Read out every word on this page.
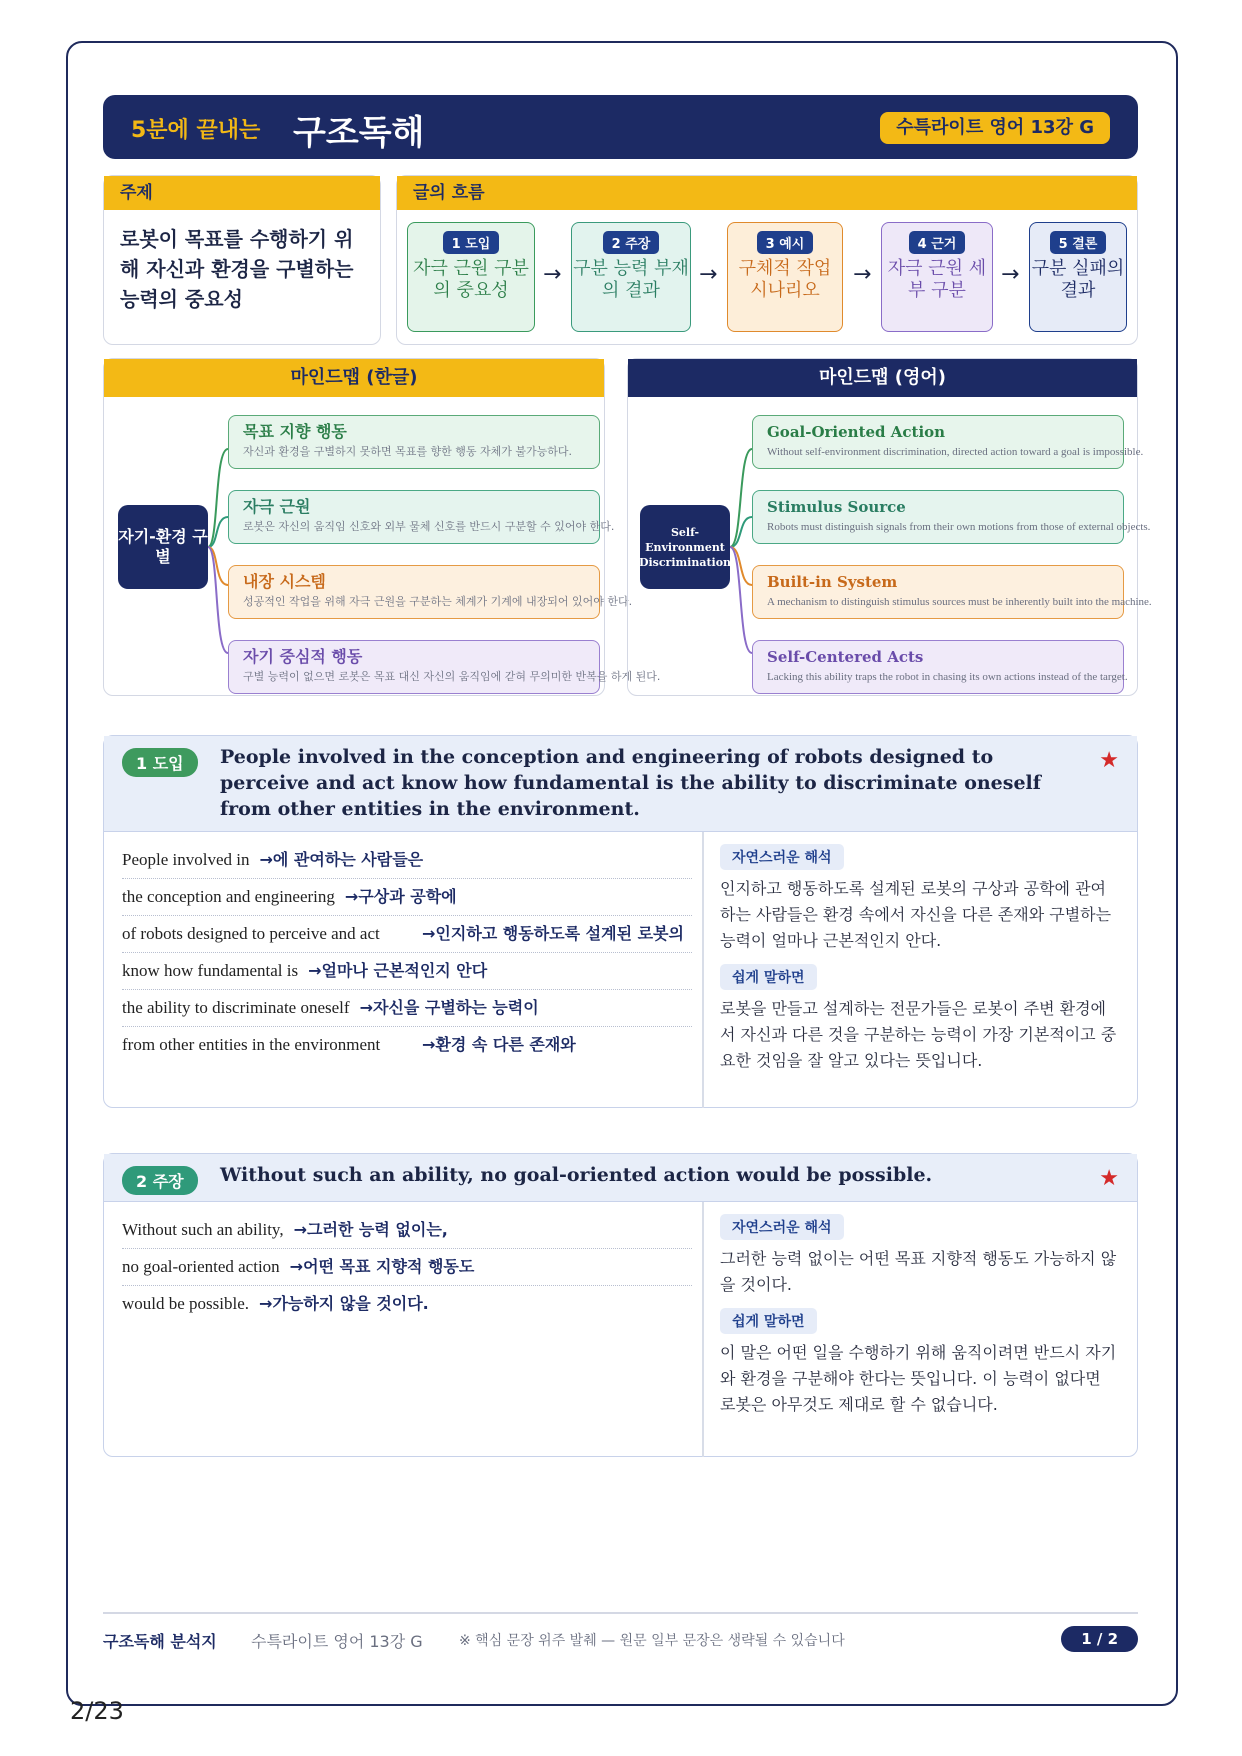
5분에 끝내는 구조독해	수특라이트 영어 13강 G
주제
로봇이 목표를 수행하기 위해 자신과 환경을 구별하는 능력의 중요성
글의 흐름
1 도입
자극 근원 구분의 중요성
→
2 주장
구분 능력 부재의 결과
→
3 예시
구체적 작업 시나리오
→
4 근거
자극 근원 세부 구분
→
5 결론
구분 실패의 결과
마인드맵 (한글)
자기-환경 구별
목표 지향 행동
자신과 환경을 구별하지 못하면 목표를 향한 행동 자체가 불가능하다.
자극 근원
로봇은 자신의 움직임 신호와 외부 물체 신호를 반드시 구분할 수 있어야 한다.
내장 시스템
성공적인 작업을 위해 자극 근원을 구분하는 체계가 기계에 내장되어 있어야 한다.
자기 중심적 행동
구별 능력이 없으면 로봇은 목표 대신 자신의 움직임에 갇혀 무의미한 반복을 하게 된다.
마인드맵 (영어)
Self-Environment Discrimination
Goal-Oriented Action
Without self-environment discrimination, directed action toward a goal is impossible.
Stimulus Source
Robots must distinguish signals from their own motions from those of external objects.
Built-in System
A mechanism to distinguish stimulus sources must be inherently built into the machine.
Self-Centered Acts
Lacking this ability traps the robot in chasing its own actions instead of the target.
1 도입	People involved in the conception and engineering of robots designed to perceive and act know how fundamental is the ability to discriminate oneself from other entities in the environment.
★
People involved in →에 관여하는 사람들은
the conception and engineering →구상과 공학에
of robots designed to perceive and act	→인지하고 행동하도록 설계된 로봇의
know how fundamental is →얼마나 근본적인지 안다
the ability to discriminate oneself →자신을 구별하는 능력이
from other entities in the environment	→환경 속 다른 존재와
자연스러운 해석
인지하고 행동하도록 설계된 로봇의 구상과 공학에 관여하는 사람들은 환경 속에서 자신을 다른 존재와 구별하는 능력이 얼마나 근본적인지 안다.
쉽게 말하면
로봇을 만들고 설계하는 전문가들은 로봇이 주변 환경에서 자신과 다른 것을 구분하는 능력이 가장 기본적이고 중요한 것임을 잘 알고 있다는 뜻입니다.
2 주장	Without such an ability, no goal-oriented action would be possible.	★
Without such an ability, →그러한 능력 없이는,
no goal-oriented action →어떤 목표 지향적 행동도
would be possible. →가능하지 않을 것이다.
자연스러운 해석
그러한 능력 없이는 어떤 목표 지향적 행동도 가능하지 않을 것이다.
쉽게 말하면
이 말은 어떤 일을 수행하기 위해 움직이려면 반드시 자기와 환경을 구분해야 한다는 뜻입니다. 이 능력이 없다면 로봇은 아무것도 제대로 할 수 없습니다.
구조독해 분석지 수특라이트 영어 13강 G	※ 핵심 문장 위주 발췌 — 원문 일부 문장은 생략될 수 있습니다	1 / 2
2/23
